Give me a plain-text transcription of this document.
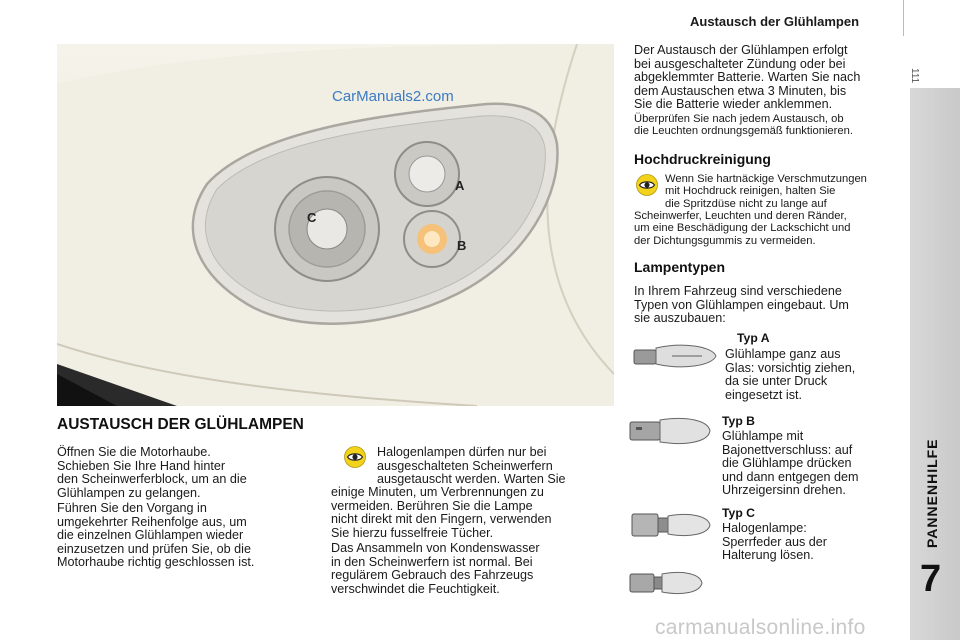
Austausch der Glühlampen
111
PANNENHILFE
7
A
B
C
CarManuals2.com
AUSTAUSCH DER GLÜHLAMPEN
Öffnen Sie die Motorhaube.
Schieben Sie Ihre Hand hinter
den Scheinwerferblock, um an die
Glühlampen zu gelangen.
Führen Sie den Vorgang in
umgekehrter Reihenfolge aus, um
die einzelnen Glühlampen wieder
einzusetzen und prüfen Sie, ob die
Motorhaube richtig geschlossen ist.
Halogenlampen dürfen nur bei
ausgeschalteten Scheinwerfern
ausgetauscht werden. Warten Sie
einige Minuten, um Verbrennungen zu
vermeiden. Berühren Sie die Lampe
nicht direkt mit den Fingern, verwenden
Sie hierzu fusselfreie Tücher.
Das Ansammeln von Kondenswasser
in den Scheinwerfern ist normal. Bei
regulärem Gebrauch des Fahrzeugs
verschwindet die Feuchtigkeit.
Der Austausch der Glühlampen erfolgt
bei ausgeschalteter Zündung oder bei
abgeklemmter Batterie. Warten Sie nach
dem Austauschen etwa 3 Minuten, bis
Sie die Batterie wieder anklemmen.
Überprüfen Sie nach jedem Austausch, ob
die Leuchten ordnungsgemäß funktionieren.
Hochdruckreinigung
Wenn Sie hartnäckige Verschmutzungen
mit Hochdruck reinigen, halten Sie
die Spritzdüse nicht zu lange auf
Scheinwerfer, Leuchten und deren Ränder,
um eine Beschädigung der Lackschicht und
der Dichtungsgummis zu vermeiden.
Lampentypen
In Ihrem Fahrzeug sind verschiedene
Typen von Glühlampen eingebaut. Um
sie auszubauen:
Typ A
Glühlampe ganz aus
Glas: vorsichtig ziehen,
da sie unter Druck
eingesetzt ist.
Typ B
Glühlampe mit
Bajonettverschluss: auf
die Glühlampe drücken
und dann entgegen dem
Uhrzeigersinn drehen.
Typ C
Halogenlampe:
Sperrfeder aus der
Halterung lösen.
carmanualsonline.info
